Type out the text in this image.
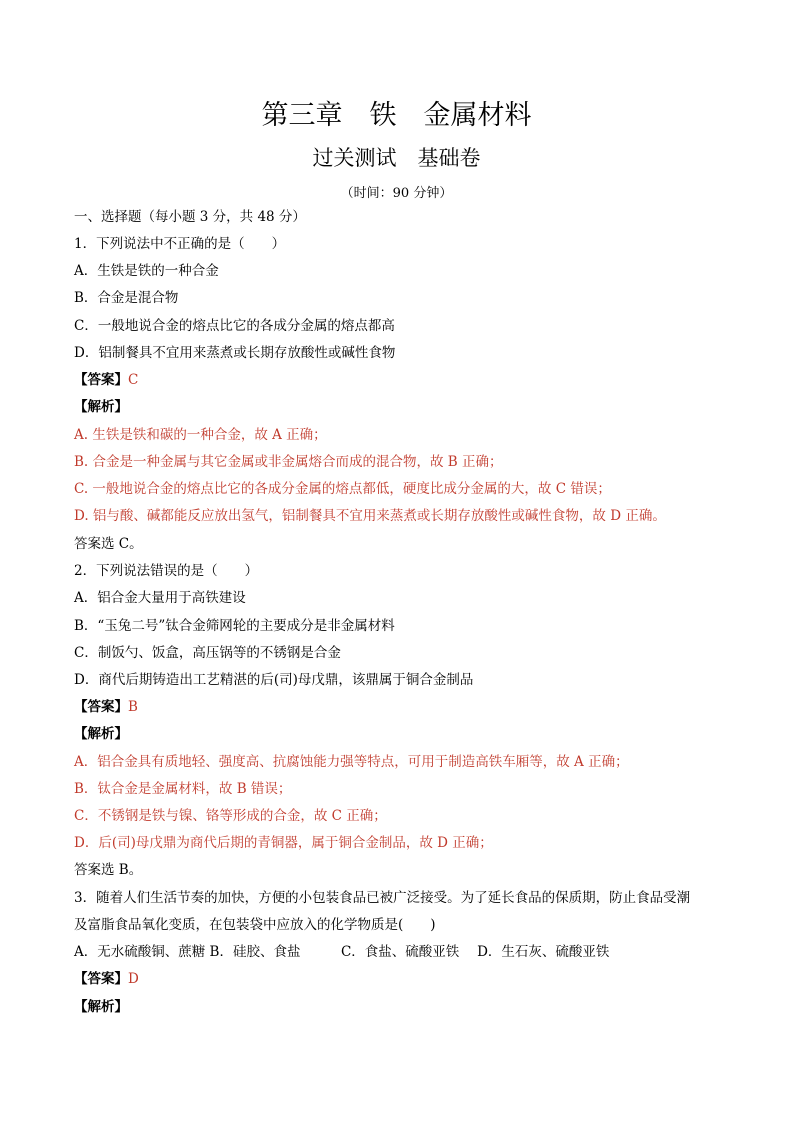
第三章　铁　金属材料
过关测试　基础卷
（时间：90 分钟）
一、选择题（每小题 3 分，共 48 分）
1．下列说法中不正确的是（　　）
A．生铁是铁的一种合金
B．合金是混合物
C．一般地说合金的熔点比它的各成分金属的熔点都高
D．铝制餐具不宜用来蒸煮或长期存放酸性或碱性食物
【答案】C
【解析】
A. 生铁是铁和碳的一种合金，故 A 正确；
B. 合金是一种金属与其它金属或非金属熔合而成的混合物，故 B 正确；
C. 一般地说合金的熔点比它的各成分金属的熔点都低，硬度比成分金属的大，故 C 错误；
D. 铝与酸、碱都能反应放出氢气，铝制餐具不宜用来蒸煮或长期存放酸性或碱性食物，故 D 正确。
答案选 C。
2．下列说法错误的是（　　）
A．铝合金大量用于高铁建设
B．“玉兔二号”钛合金筛网轮的主要成分是非金属材料
C．制饭勺、饭盒，高压锅等的不锈钢是合金
D．商代后期铸造出工艺精湛的后(司)母戊鼎，该鼎属于铜合金制品
【答案】B
【解析】
A．铝合金具有质地轻、强度高、抗腐蚀能力强等特点，可用于制造高铁车厢等，故 A 正确；
B．钛合金是金属材料，故 B 错误；
C．不锈钢是铁与镍、铬等形成的合金，故 C 正确；
D．后(司)母戊鼎为商代后期的青铜器，属于铜合金制品，故 D 正确；
答案选 B。
3．随着人们生活节奏的加快，方便的小包装食品已被广泛接受。为了延长食品的保质期，防止食品受潮
及富脂食品氧化变质，在包装袋中应放入的化学物质是(　　)
A．无水硫酸铜、蔗糖 B．硅胶、食盐　　　C．食盐、硫酸亚铁　 D．生石灰、硫酸亚铁
【答案】D
【解析】
